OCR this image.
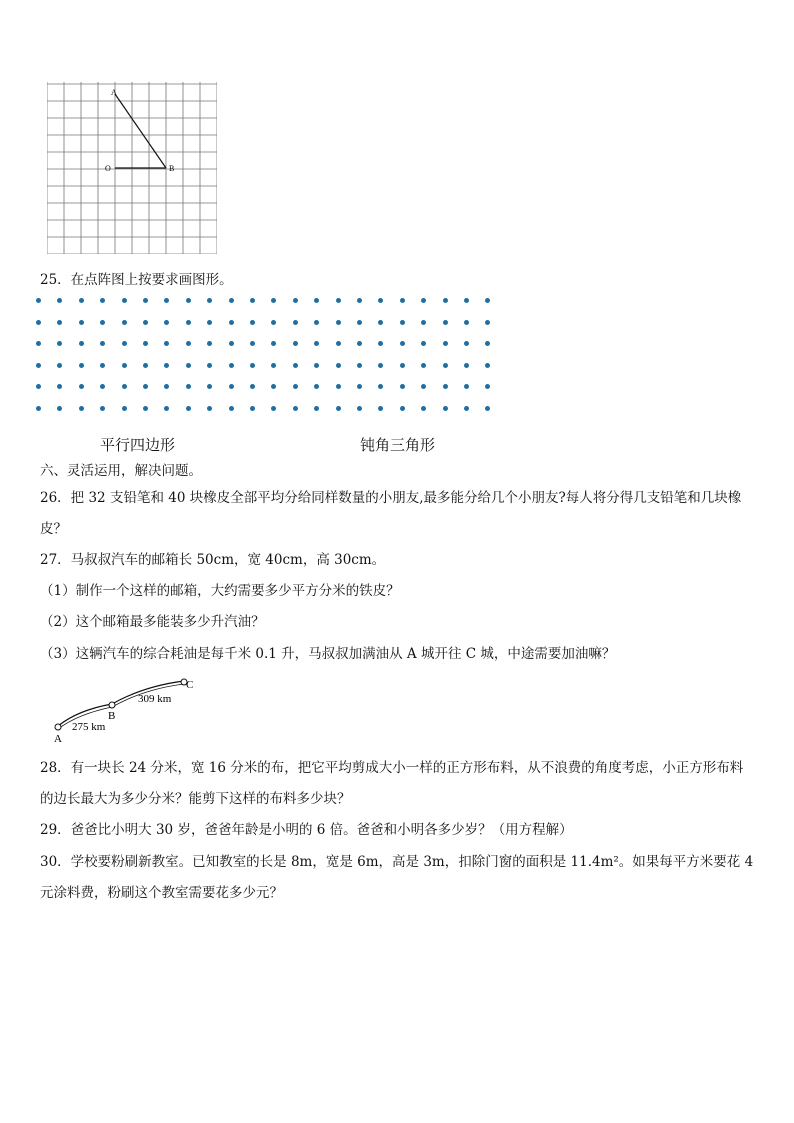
A
O	B
25．在点阵图上按要求画图形。
平行四边形	钝角三角形
六、灵活运用，解决问题。
26．把 32 支铅笔和 40 块橡皮全部平均分给同样数量的小朋友,最多能分给几个小朋友?每人将分得几支铅笔和几块橡
皮？
27．马叔叔汽车的邮箱长 50cm，宽 40cm，高 30cm。
（1）制作一个这样的邮箱，大约需要多少平方分米的铁皮？
（2）这个邮箱最多能装多少升汽油？
（3）这辆汽车的综合耗油是每千米 0.1 升，马叔叔加满油从 A 城开往 C 城，中途需要加油嘛？
A
B
C
275 km
309 km
28．有一块长 24 分米，宽 16 分米的布，把它平均剪成大小一样的正方形布料，从不浪费的角度考虑，小正方形布料
的边长最大为多少分米？能剪下这样的布料多少块？
29．爸爸比小明大 30 岁，爸爸年龄是小明的 6 倍。爸爸和小明各多少岁？（用方程解）
30．学校要粉刷新教室。已知教室的长是 8m，宽是 6m，高是 3m，扣除门窗的面积是 11.4m²。如果每平方米要花 4
元涂料费，粉刷这个教室需要花多少元？
